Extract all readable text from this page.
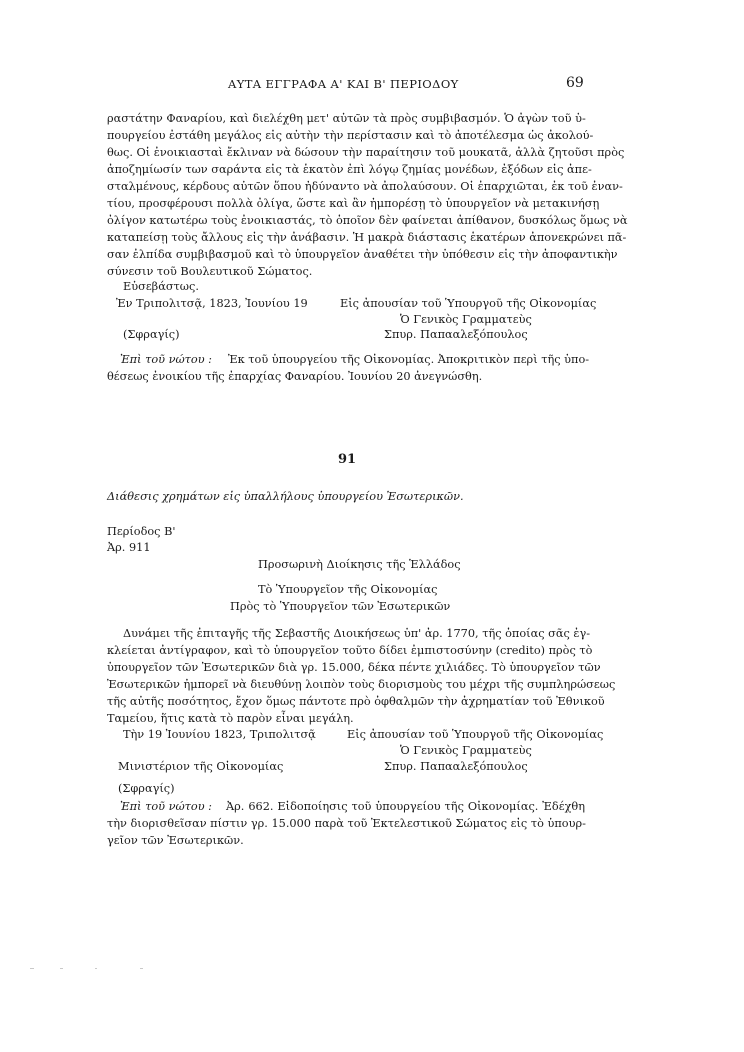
ΑΥΤΑ ΕΓΓΡΑΦΑ Α' ΚΑΙ Β' ΠΕΡΙΟΔΟΥ	69
ραστάτην Φαναρίου, καὶ διελέχθη μετ' αὐτῶν τὰ πρὸς συμβιβασμόν. Ὁ ἀγὼν τοῦ ὑ-
πουργείου ἐστάθη μεγάλος εἰς αὐτὴν τὴν περίστασιν καὶ τὸ ἀποτέλεσμα ὡς ἀκολού-
θως. Οἱ ἐνοικιασταὶ ἔκλιναν νὰ δώσουν τὴν παραίτησιν τοῦ μουκατᾶ, ἀλλὰ ζητοῦσι πρὸς
ἀποζημίωσίν των σαράντα εἰς τὰ ἑκατὸν ἐπὶ λόγῳ ζημίας μονέδων, ἐξόδων εἰς ἀπε-
σταλμένους, κέρδους αὐτῶν ὅπου ἠδύναντο νὰ ἀπολαύσουν. Οἱ ἐπαρχιῶται, ἐκ τοῦ ἐναν-
τίου, προσφέρουσι πολλὰ ὀλίγα, ὥστε καὶ ἂν ἠμπορέσῃ τὸ ὑπουργεῖον νὰ μετακινήσῃ
ὀλίγον κατωτέρω τοὺς ἐνοικιαστάς, τὸ ὁποῖον δὲν φαίνεται ἀπίθανον, δυσκόλως ὅμως νὰ
καταπείσῃ τοὺς ἄλλους εἰς τὴν ἀνάβασιν. Ἡ μακρὰ διάστασις ἑκατέρων ἀπονεκρώνει πᾶ-
σαν ἐλπίδα συμβιβασμοῦ καὶ τὸ ὑπουργεῖον ἀναθέτει τὴν ὑπόθεσιν εἰς τὴν ἀποφαντικὴν
σύνεσιν τοῦ Βουλευτικοῦ Σώματος.
Εὐσεβάστως.
Ἐν Τριπολιτσᾷ, 1823, Ἰουνίου 19	Εἰς ἀπουσίαν τοῦ Ὑπουργοῦ τῆς Οἰκονομίας
Ὁ Γενικὸς Γραμματεὺς
(Σφραγίς)	Σπυρ. Παπααλεξόπουλος
Ἐπὶ τοῦ νώτου : Ἐκ τοῦ ὑπουργείου τῆς Οἰκονομίας. Ἀποκριτικὸν περὶ τῆς ὑπο-
θέσεως ἐνοικίου τῆς ἐπαρχίας Φαναρίου. Ἰουνίου 20 ἀνεγνώσθη.
91
Διάθεσις χρημάτων εἰς ὑπαλλήλους ὑπουργείου Ἐσωτερικῶν.
Περίοδος Β'
Ἀρ. 911
Προσωρινὴ Διοίκησις τῆς Ἑλλάδος
Τὸ Ὑπουργεῖον τῆς Οἰκονομίας
Πρὸς τὸ Ὑπουργεῖον τῶν Ἐσωτερικῶν
Δυνάμει τῆς ἐπιταγῆς τῆς Σεβαστῆς Διοικήσεως ὑπ' ἀρ. 1770, τῆς ὁποίας σᾶς ἐγ-
κλείεται ἀντίγραφον, καὶ τὸ ὑπουργεῖον τοῦτο δίδει ἐμπιστοσύνην (credito) πρὸς τὸ
ὑπουργεῖον τῶν Ἐσωτερικῶν διὰ γρ. 15.000, δέκα πέντε χιλιάδες. Τὸ ὑπουργεῖον τῶν
Ἐσωτερικῶν ἠμπορεῖ νὰ διευθύνῃ λοιπὸν τοὺς διορισμοὺς του μέχρι τῆς συμπληρώσεως
τῆς αὐτῆς ποσότητος, ἔχον ὅμως πάντοτε πρὸ ὀφθαλμῶν τὴν ἀχρηματίαν τοῦ Ἐθνικοῦ
Ταμείου, ἥτις κατὰ τὸ παρὸν εἶναι μεγάλη.
Τὴν 19 Ἰουνίου 1823, Τριπολιτσᾷ	Εἰς ἀπουσίαν τοῦ Ὑπουργοῦ τῆς Οἰκονομίας
Ὁ Γενικὸς Γραμματεὺς
Μινιστέριον τῆς Οἰκονομίας	Σπυρ. Παπααλεξόπουλος
(Σφραγίς)
Ἐπὶ τοῦ νώτου : Ἀρ. 662. Εἰδοποίησις τοῦ ὑπουργείου τῆς Οἰκονομίας. Ἐδέχθη
τὴν διορισθεῖσαν πίστιν γρ. 15.000 παρὰ τοῦ Ἐκτελεστικοῦ Σώματος εἰς τὸ ὑπουρ-
γεῖον τῶν Ἐσωτερικῶν.
